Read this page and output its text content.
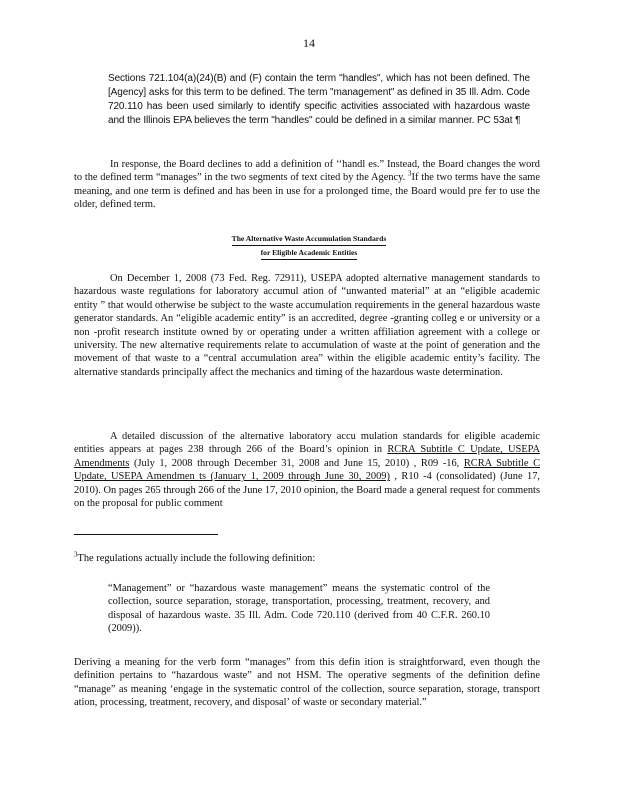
14
Sections 721.104(a)(24)(B) and (F) contain the term "handles", which has not been defined. The [Agency] asks for this term to be defined. The term "management" as defined in 35 Ill. Adm. Code 720.110 has been used similarly to identify specific activities associated with hazardous waste and the Illinois EPA believes the term "handles" could be defined in a similar manner. PC 53at ¶
In response, the Board declines to add a definition of ‘‘handl es.” Instead, the Board changes the word to the defined term “manages” in the two segments of text cited by the Agency. $^3$If the two terms have the same meaning, and one term is defined and has been in use for a prolonged time, the Board would pre fer to use the older, defined term.
The Alternative Waste Accumulation Standards
for Eligible Academic Entities
On December 1, 2008 (73 Fed. Reg. 72911), USEPA adopted alternative management standards to hazardous waste regulations for laboratory accumul ation of “unwanted material” at an “eligible academic entity ” that would otherwise be subject to the waste accumulation requirements in the general hazardous waste generator standards. An “eligible academic entity” is an accredited, degree -granting colleg e or university or a non -profit research institute owned by or operating under a written affiliation agreement with a college or university. The new alternative requirements relate to accumulation of waste at the point of generation and the movement of that waste to a “central accumulation area” within the eligible academic entity’s facility. The alternative standards principally affect the mechanics and timing of the hazardous waste determination.
A detailed discussion of the alternative laboratory accu mulation standards for eligible academic entities appears at pages 238 through 266 of the Board’s opinion in RCRA Subtitle C Update, USEPA Amendments (July 1, 2008 through December 31, 2008 and June 15, 2010) , R09 -16, RCRA Subtitle C Update, USEPA Amendmen ts (January 1, 2009 through June 30, 2009) , R10 -4 (consolidated) (June 17, 2010). On pages 265 through 266 of the June 17, 2010 opinion, the Board made a general request for comments on the proposal for public comment
$^3$The regulations actually include the following definition:
“Management” or “hazardous waste management” means the systematic control of the collection, source separation, storage, transportation, processing, treatment, recovery, and disposal of hazardous waste. 35 Ill. Adm. Code 720.110 (derived from 40 C.F.R. 260.10 (2009)).
Deriving a meaning for the verb form “manages” from this defin ition is straightforward, even though the definition pertains to “hazardous waste” and not HSM. The operative segments of the definition define “manage” as meaning ‘engage in the systematic control of the collection, source separation, storage, transport ation, processing, treatment, recovery, and disposal’ of waste or secondary material.”
